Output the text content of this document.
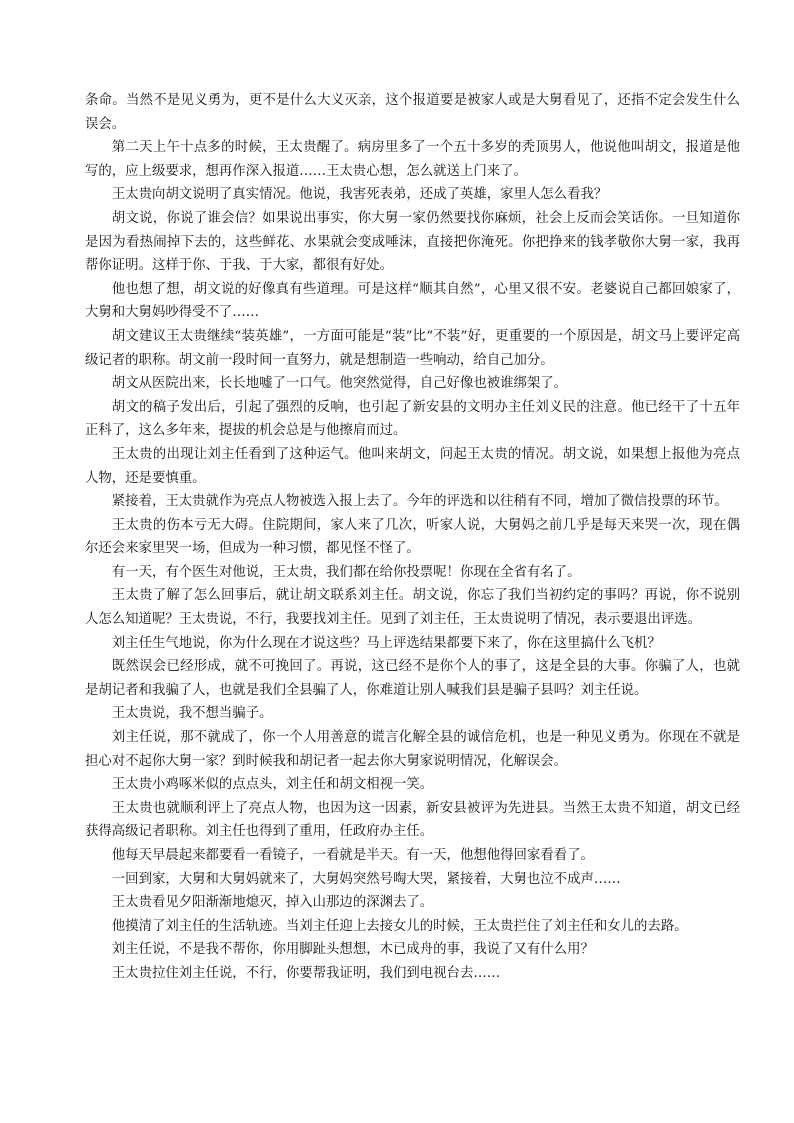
条命。当然不是见义勇为，更不是什么大义灭亲，这个报道要是被家人或是大舅看见了，还指不定会发生什么误会。

第二天上午十点多的时候，王太贵醒了。病房里多了一个五十多岁的秃顶男人，他说他叫胡文，报道是他写的，应上级要求，想再作深入报道……王太贵心想，怎么就送上门来了。

王太贵向胡文说明了真实情况。他说，我害死表弟，还成了英雄，家里人怎么看我？

胡文说，你说了谁会信？如果说出事实，你大舅一家仍然要找你麻烦，社会上反而会笑话你。一旦知道你是因为看热闹掉下去的，这些鲜花、水果就会变成唾沫，直接把你淹死。你把挣来的钱孝敬你大舅一家，我再帮你证明。这样于你、于我、于大家，都很有好处。

他也想了想，胡文说的好像真有些道理。可是这样“顺其自然”，心里又很不安。老婆说自己都回娘家了，大舅和大舅妈吵得受不了……

胡文建议王太贵继续“装英雄”，一方面可能是“装”比“不装”好，更重要的一个原因是，胡文马上要评定高级记者的职称。胡文前一段时间一直努力，就是想制造一些响动，给自己加分。

胡文从医院出来，长长地嘘了一口气。他突然觉得，自己好像也被谁绑架了。

胡文的稿子发出后，引起了强烈的反响，也引起了新安县的文明办主任刘义民的注意。他已经干了十五年正科了，这么多年来，提拔的机会总是与他擦肩而过。

王太贵的出现让刘主任看到了这种运气。他叫来胡文，问起王太贵的情况。胡文说，如果想上报他为亮点人物，还是要慎重。

紧接着，王太贵就作为亮点人物被选入报上去了。今年的评选和以往稍有不同，增加了微信投票的环节。

王太贵的伤本亏无大碍。住院期间，家人来了几次，听家人说，大舅妈之前几乎是每天来哭一次，现在偶尔还会来家里哭一场，但成为一种习惯，都见怪不怪了。

有一天，有个医生对他说，王太贵，我们都在给你投票呢！你现在全省有名了。

王太贵了解了怎么回事后，就让胡文联系刘主任。胡文说，你忘了我们当初约定的事吗？再说，你不说别人怎么知道呢？王太贵说，不行，我要找刘主任。见到了刘主任，王太贵说明了情况，表示要退出评选。

刘主任生气地说，你为什么现在才说这些？马上评选结果都要下来了，你在这里搞什么飞机？

既然误会已经形成，就不可挽回了。再说，这已经不是你个人的事了，这是全县的大事。你骗了人，也就是胡记者和我骗了人，也就是我们全县骗了人，你难道让别人喊我们县是骗子县吗？刘主任说。

王太贵说，我不想当骗子。

刘主任说，那不就成了，你一个人用善意的谎言化解全县的诚信危机，也是一种见义勇为。你现在不就是担心对不起你大舅一家？到时候我和胡记者一起去你大舅家说明情况，化解误会。

王太贵小鸡啄米似的点点头，刘主任和胡文相视一笑。

王太贵也就顺利评上了亮点人物，也因为这一因素，新安县被评为先进县。当然王太贵不知道，胡文已经获得高级记者职称。刘主任也得到了重用，任政府办主任。

他每天早晨起来都要看一看镜子，一看就是半天。有一天，他想他得回家看看了。

一回到家，大舅和大舅妈就来了，大舅妈突然号啕大哭，紧接着，大舅也泣不成声……

王太贵看见夕阳渐渐地熄灭，掉入山那边的深渊去了。

他摸清了刘主任的生活轨迹。当刘主任迎上去接女儿的时候，王太贵拦住了刘主任和女儿的去路。

刘主任说，不是我不帮你，你用脚趾头想想，木已成舟的事，我说了又有什么用？

王太贵拉住刘主任说，不行，你要帮我证明，我们到电视台去……
